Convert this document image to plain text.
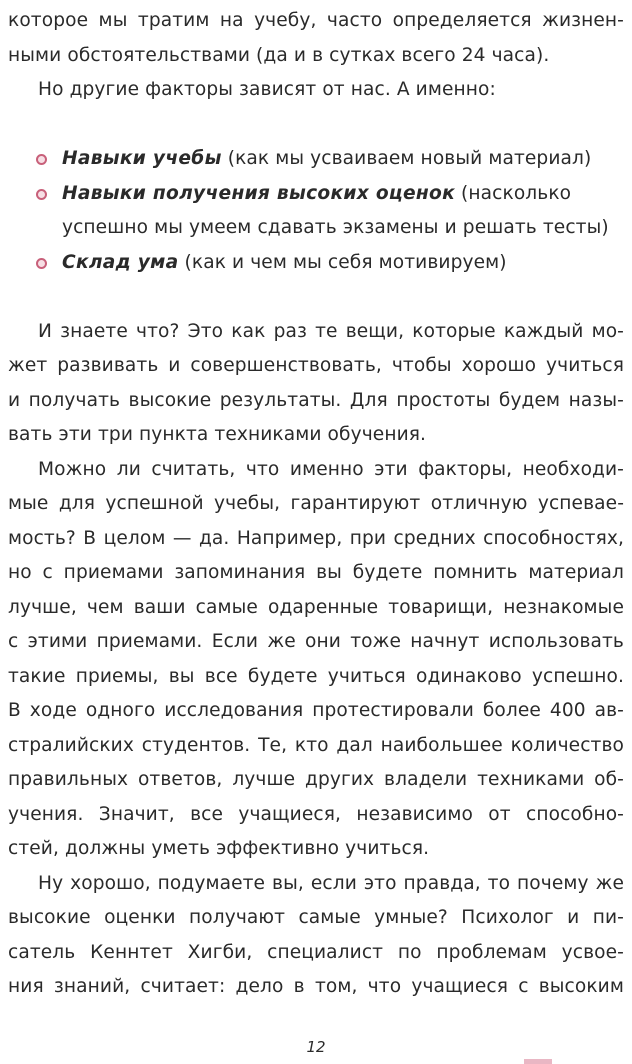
которое мы тратим на учебу, часто определяется жизнен-
ными обстоятельствами (да и в сутках всего 24 часа).
Но другие факторы зависят от нас. А именно:
Навыки учебы (как мы усваиваем новый материал)
Навыки получения высоких оценок (насколько
успешно мы умеем сдавать экзамены и решать тесты)
Склад ума (как и чем мы себя мотивируем)
И знаете что? Это как раз те вещи, которые каждый мо-
жет развивать и совершенствовать, чтобы хорошо учиться
и получать высокие результаты. Для простоты будем назы-
вать эти три пункта техниками обучения.
Можно ли считать, что именно эти факторы, необходи-
мые для успешной учебы, гарантируют отличную успевае-
мость? В целом — да. Например, при средних способностях,
но с приемами запоминания вы будете помнить материал
лучше, чем ваши самые одаренные товарищи, незнакомые
с этими приемами. Если же они тоже начнут использовать
такие приемы, вы все будете учиться одинаково успешно.
В ходе одного исследования протестировали более 400 ав-
стралийских студентов. Те, кто дал наибольшее количество
правильных ответов, лучше других владели техниками об-
учения. Значит, все учащиеся, независимо от способно-
стей, должны уметь эффективно учиться.
Ну хорошо, подумаете вы, если это правда, то почему же
высокие оценки получают самые умные? Психолог и пи-
сатель Кеннтет Хигби, специалист по проблемам усвое-
ния знаний, считает: дело в том, что учащиеся с высоким
12
